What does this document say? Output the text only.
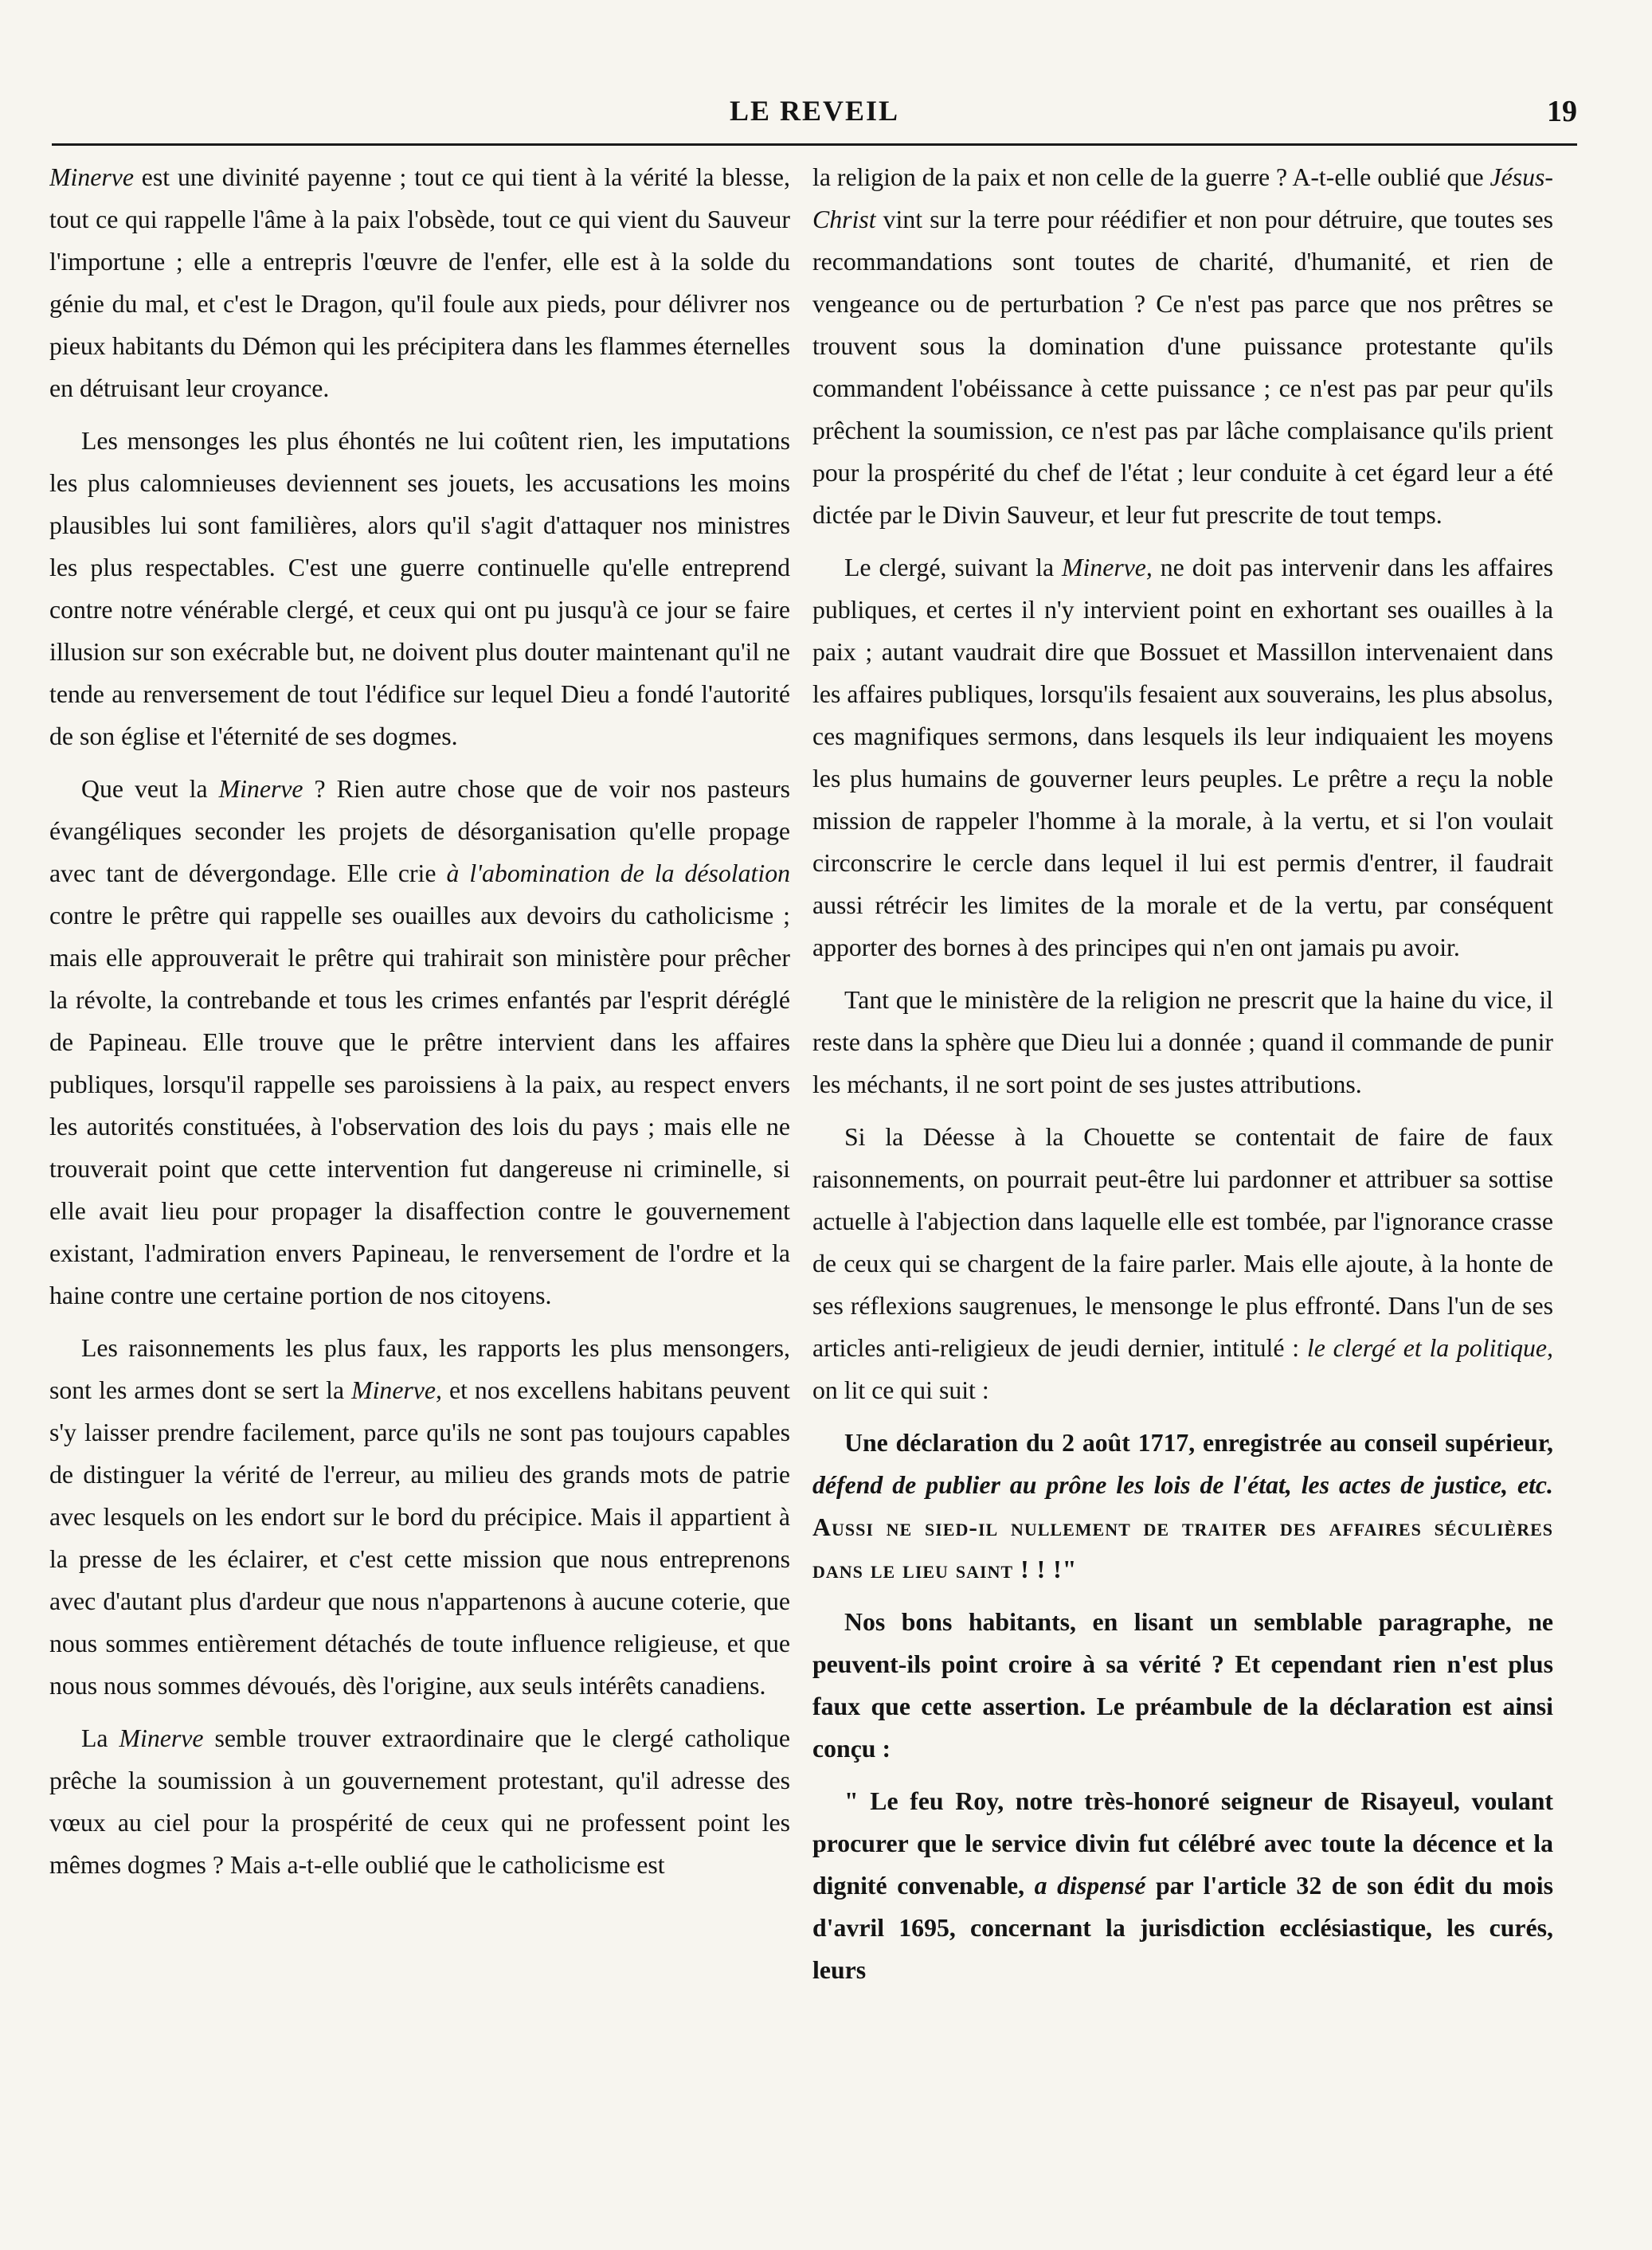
LE REVEIL	19

Minerve est une divinité payenne ; tout ce qui tient à la vérité la blesse, tout ce qui rappelle l'âme à la paix l'obsède, tout ce qui vient du Sauveur l'importune ; elle a entrepris l'œuvre de l'enfer, elle est à la solde du génie du mal, et c'est le Dragon, qu'il foule aux pieds, pour délivrer nos pieux habitants du Démon qui les précipitera dans les flammes éternelles en détruisant leur croyance.

Les mensonges les plus éhontés ne lui coûtent rien, les imputations les plus calomnieuses deviennent ses jouets, les accusations les moins plausibles lui sont familières, alors qu'il s'agit d'attaquer nos ministres les plus respectables. C'est une guerre continuelle qu'elle entreprend contre notre vénérable clergé, et ceux qui ont pu jusqu'à ce jour se faire illusion sur son exécrable but, ne doivent plus douter maintenant qu'il ne tende au renversement de tout l'édifice sur lequel Dieu a fondé l'autorité de son église et l'éternité de ses dogmes.

Que veut la Minerve ? Rien autre chose que de voir nos pasteurs évangéliques seconder les projets de désorganisation qu'elle propage avec tant de dévergondage. Elle crie à l'abomination de la désolation contre le prêtre qui rappelle ses ouailles aux devoirs du catholicisme ; mais elle approuverait le prêtre qui trahirait son ministère pour prêcher la révolte, la contrebande et tous les crimes enfantés par l'esprit déréglé de Papineau. Elle trouve que le prêtre intervient dans les affaires publiques, lorsqu'il rappelle ses paroissiens à la paix, au respect envers les autorités constituées, à l'observation des lois du pays ; mais elle ne trouverait point que cette intervention fut dangereuse ni criminelle, si elle avait lieu pour propager la disaffection contre le gouvernement existant, l'admiration envers Papineau, le renversement de l'ordre et la haine contre une certaine portion de nos citoyens.

Les raisonnements les plus faux, les rapports les plus mensongers, sont les armes dont se sert la Minerve, et nos excellens habitans peuvent s'y laisser prendre facilement, parce qu'ils ne sont pas toujours capables de distinguer la vérité de l'erreur, au milieu des grands mots de patrie avec lesquels on les endort sur le bord du précipice. Mais il appartient à la presse de les éclairer, et c'est cette mission que nous entreprenons avec d'autant plus d'ardeur que nous n'appartenons à aucune coterie, que nous sommes entièrement détachés de toute influence religieuse, et que nous nous sommes dévoués, dès l'origine, aux seuls intérêts canadiens.

La Minerve semble trouver extraordinaire que le clergé catholique prêche la soumission à un gouvernement protestant, qu'il adresse des vœux au ciel pour la prospérité de ceux qui ne professent point les mêmes dogmes ? Mais a-t-elle oublié que le catholicisme est

la religion de la paix et non celle de la guerre ? A-t-elle oublié que Jésus-Christ vint sur la terre pour réédifier et non pour détruire, que toutes ses recommandations sont toutes de charité, d'humanité, et rien de vengeance ou de perturbation ? Ce n'est pas parce que nos prêtres se trouvent sous la domination d'une puissance protestante qu'ils commandent l'obéissance à cette puissance ; ce n'est pas par peur qu'ils prêchent la soumission, ce n'est pas par lâche complaisance qu'ils prient pour la prospérité du chef de l'état ; leur conduite à cet égard leur a été dictée par le Divin Sauveur, et leur fut prescrite de tout temps.

Le clergé, suivant la Minerve, ne doit pas intervenir dans les affaires publiques, et certes il n'y intervient point en exhortant ses ouailles à la paix ; autant vaudrait dire que Bossuet et Massillon intervenaient dans les affaires publiques, lorsqu'ils fesaient aux souverains, les plus absolus, ces magnifiques sermons, dans lesquels ils leur indiquaient les moyens les plus humains de gouverner leurs peuples. Le prêtre a reçu la noble mission de rappeler l'homme à la morale, à la vertu, et si l'on voulait circonscrire le cercle dans lequel il lui est permis d'entrer, il faudrait aussi rétrécir les limites de la morale et de la vertu, par conséquent apporter des bornes à des principes qui n'en ont jamais pu avoir.

Tant que le ministère de la religion ne prescrit que la haine du vice, il reste dans la sphère que Dieu lui a donnée ; quand il commande de punir les méchants, il ne sort point de ses justes attributions.

Si la Déesse à la Chouette se contentait de faire de faux raisonnements, on pourrait peut-être lui pardonner et attribuer sa sottise actuelle à l'abjection dans laquelle elle est tombée, par l'ignorance crasse de ceux qui se chargent de la faire parler. Mais elle ajoute, à la honte de ses réflexions saugrenues, le mensonge le plus effronté. Dans l'un de ses articles anti-religieux de jeudi dernier, intitulé : le clergé et la politique, on lit ce qui suit :

Une déclaration du 2 août 1717, enregistrée au conseil supérieur, défend de publier au prône les lois de l'état, les actes de justice, etc. Aussi ne sied-il nullement de traiter des affaires séculières dans le lieu saint ! ! !"

Nos bons habitants, en lisant un semblable paragraphe, ne peuvent-ils point croire à sa vérité ? Et cependant rien n'est plus faux que cette assertion. Le préambule de la déclaration est ainsi conçu :

" Le feu Roy, notre très-honoré seigneur de Risayeul, voulant procurer que le service divin fut célébré avec toute la décence et la dignité convenable, a dispensé par l'article 32 de son édit du mois d'avril 1695, concernant la jurisdiction ecclésiastique, les curés, leurs
